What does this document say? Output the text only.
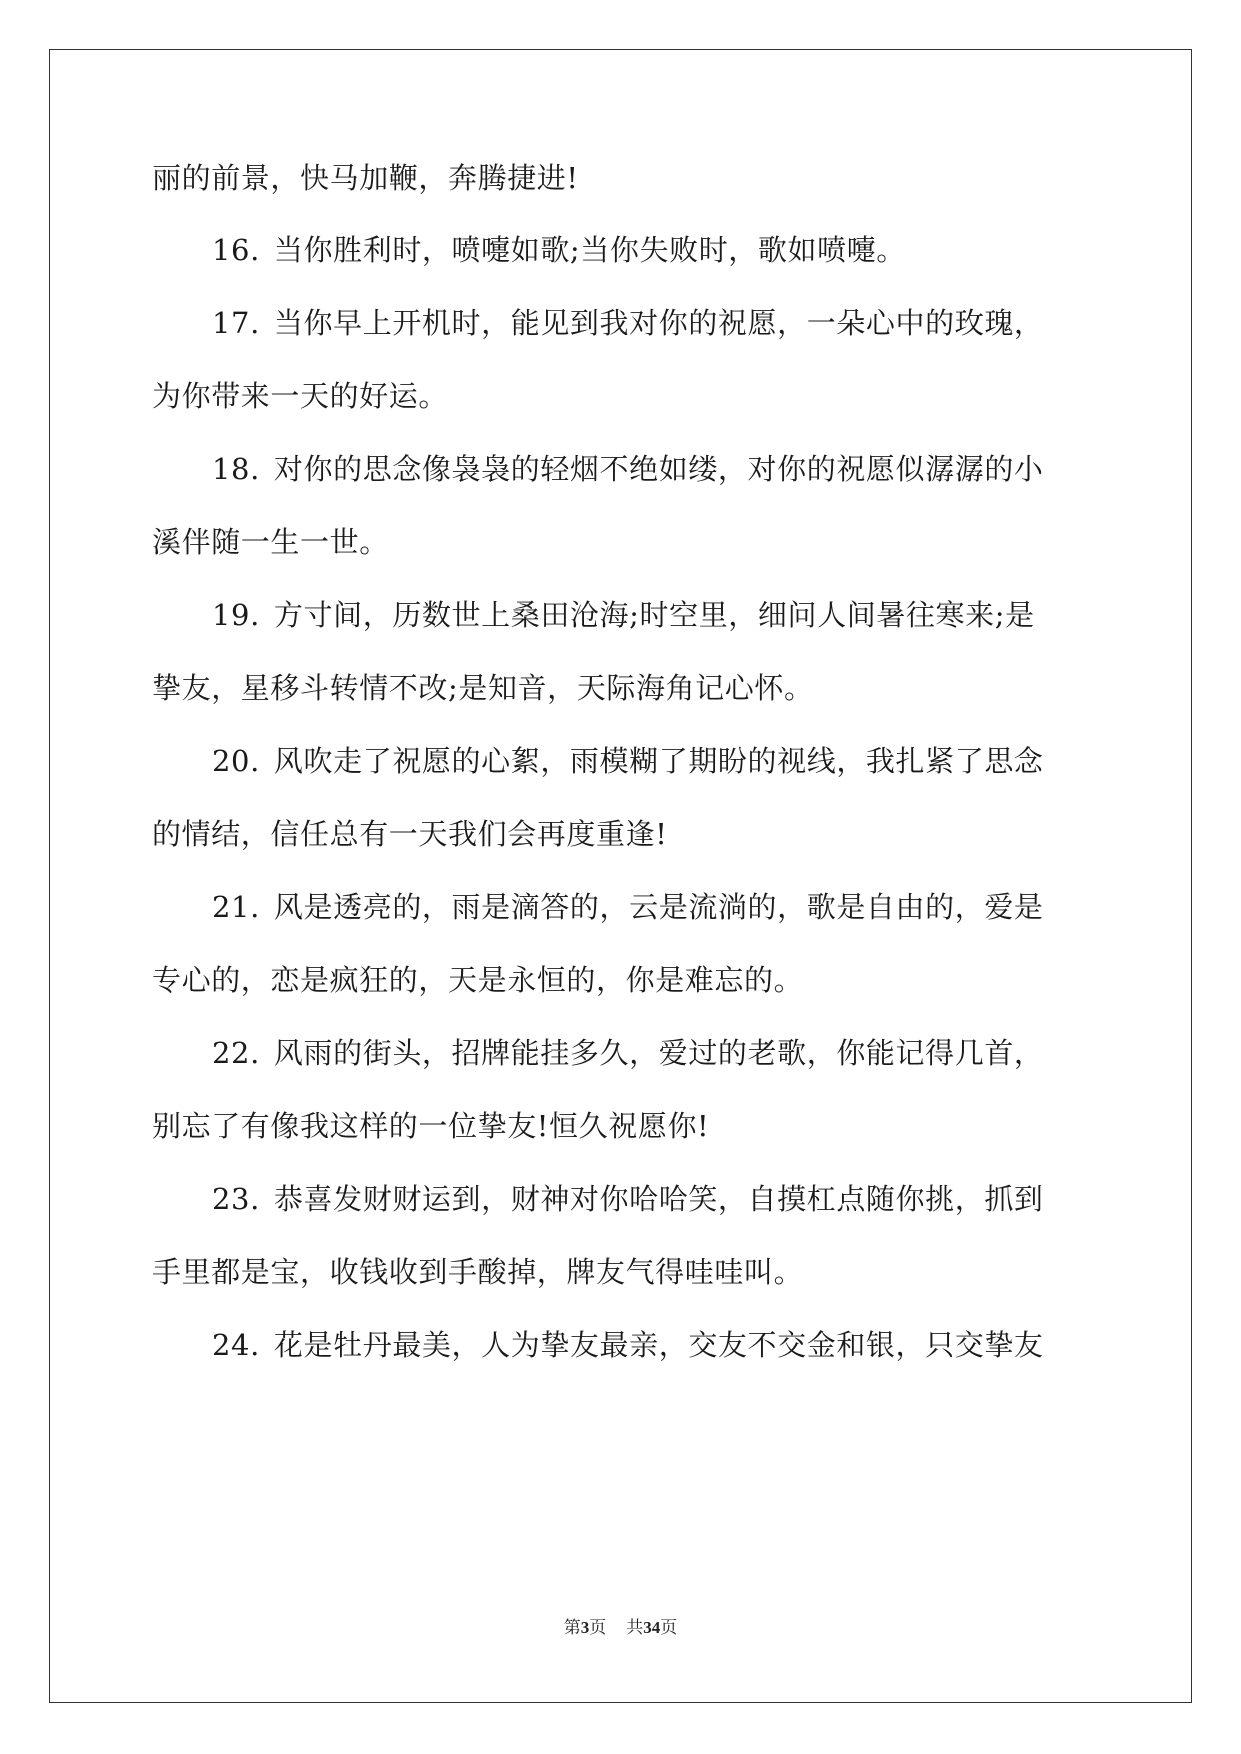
丽的前景，快马加鞭，奔腾捷进!
16. 当你胜利时，喷嚏如歌;当你失败时，歌如喷嚏。
17. 当你早上开机时，能见到我对你的祝愿，一朵心中的玫瑰，
为你带来一天的好运。
18. 对你的思念像袅袅的轻烟不绝如缕，对你的祝愿似潺潺的小
溪伴随一生一世。
19. 方寸间，历数世上桑田沧海;时空里，细问人间暑往寒来;是
挚友，星移斗转情不改;是知音，天际海角记心怀。
20. 风吹走了祝愿的心絮，雨模糊了期盼的视线，我扎紧了思念
的情结，信任总有一天我们会再度重逢!
21. 风是透亮的，雨是滴答的，云是流淌的，歌是自由的，爱是
专心的，恋是疯狂的，天是永恒的，你是难忘的。
22. 风雨的街头，招牌能挂多久，爱过的老歌，你能记得几首，
别忘了有像我这样的一位挚友!恒久祝愿你!
23. 恭喜发财财运到，财神对你哈哈笑，自摸杠点随你挑，抓到
手里都是宝，收钱收到手酸掉，牌友气得哇哇叫。
24. 花是牡丹最美，人为挚友最亲，交友不交金和银，只交挚友
第3页 共34页
